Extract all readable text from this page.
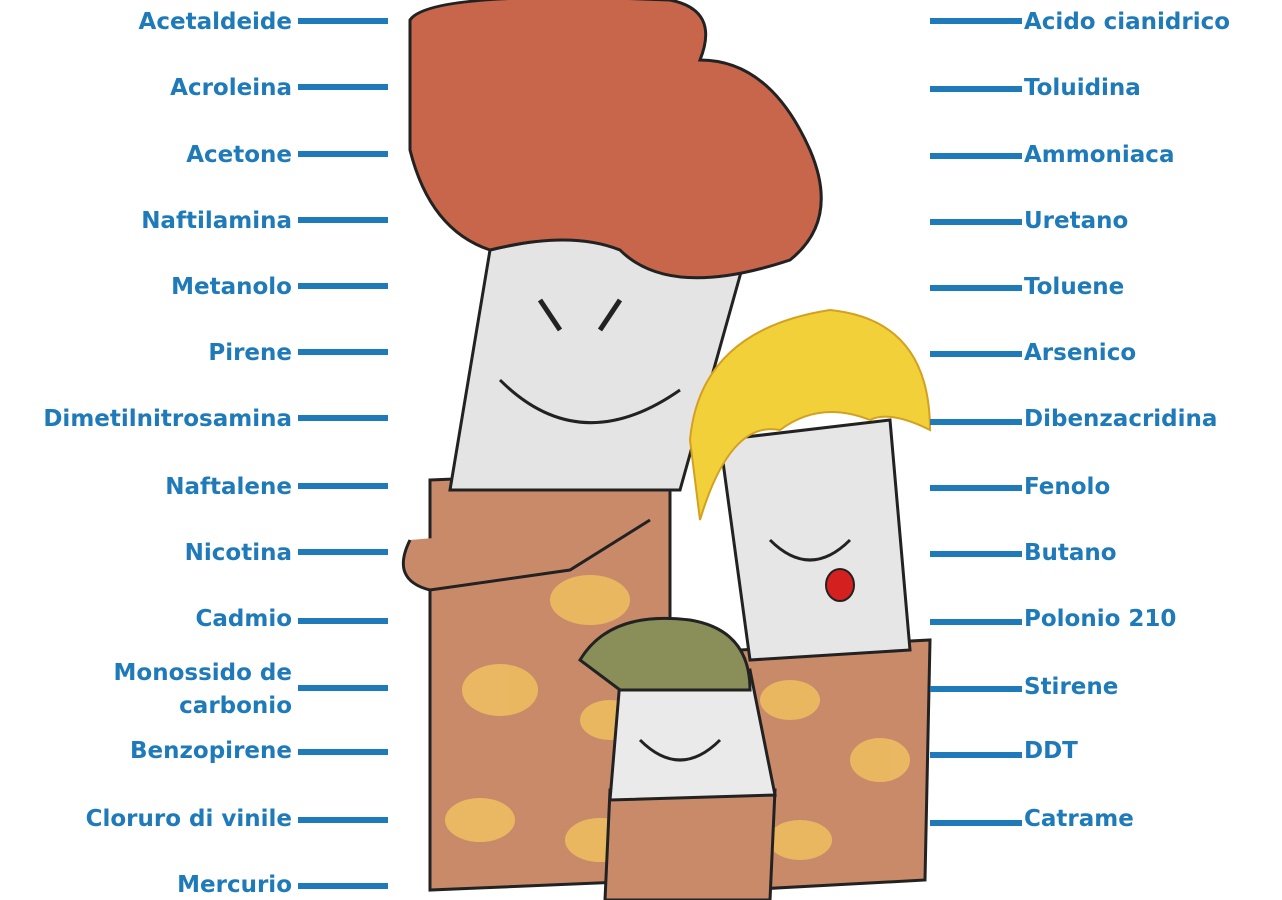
Acetaldeide
Acroleina
Acetone
Naftilamina
Metanolo
Pirene
Dimetilnitrosamina
Naftalene
Nicotina
Cadmio
Monossido de carbonio
Benzopirene
Cloruro di vinile
Mercurio
Acido cianidrico
Toluidina
Ammoniaca
Uretano
Toluene
Arsenico
Dibenzacridina
Fenolo
Butano
Polonio 210
Stirene
DDT
Catrame
